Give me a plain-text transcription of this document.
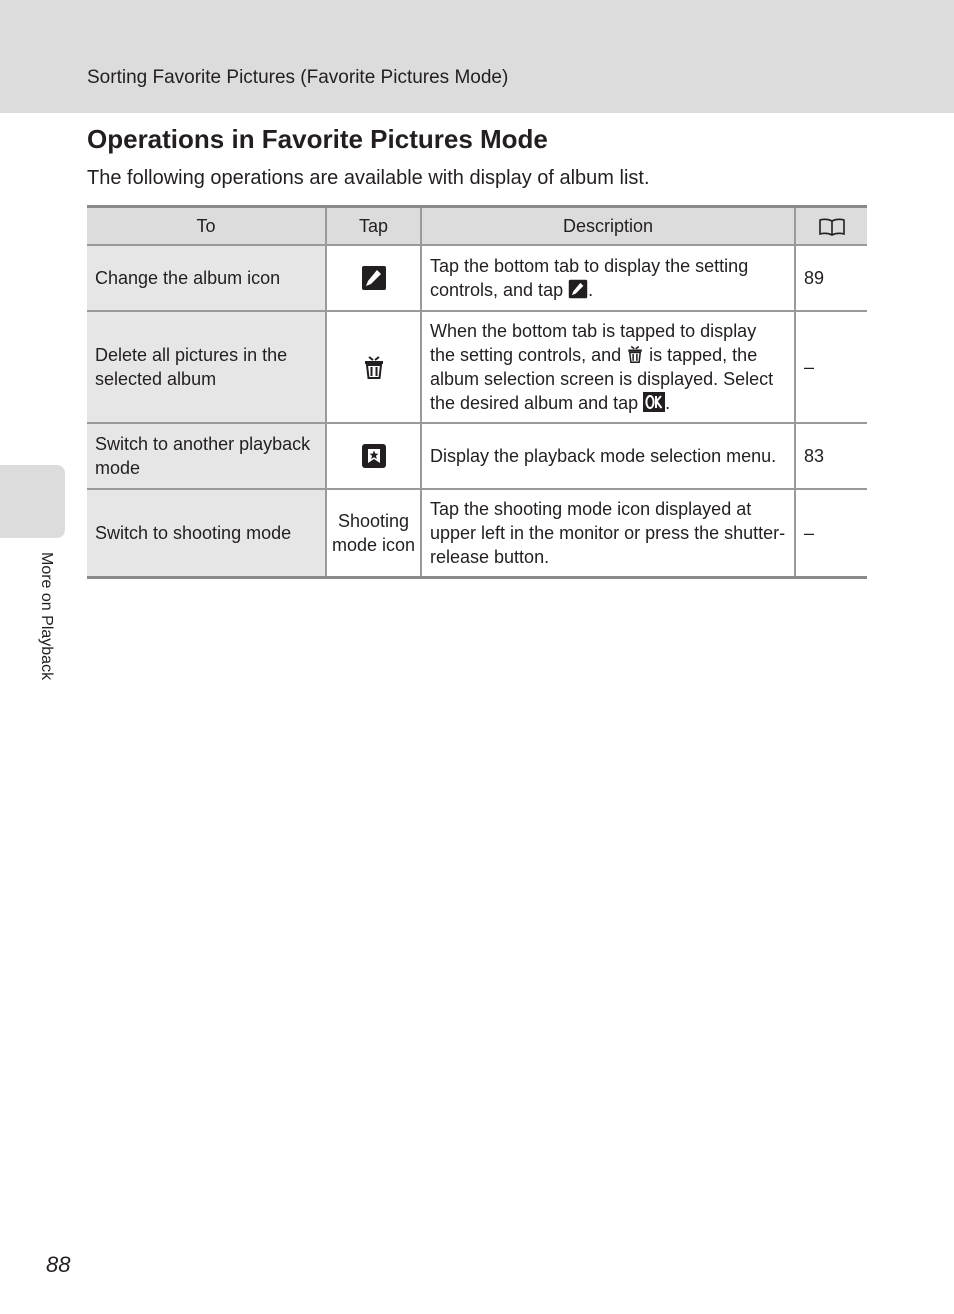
Sorting Favorite Pictures (Favorite Pictures Mode)
Operations in Favorite Pictures Mode

The following operations are available with display of album list.

To	Tap	Description	
Change the album icon		Tap the bottom tab to display the setting controls, and tap .	89
Delete all pictures in the selected album		When the bottom tab is tapped to display the setting controls, and  is tapped, the album selection screen is displayed. Select the desired album and tap .	–
Switch to another playback mode		Display the playback mode selection menu.	83
Switch to shooting mode	Shooting mode icon	Tap the shooting mode icon displayed at upper left in the monitor or press the shutter-release button.	–
More on Playback
88
